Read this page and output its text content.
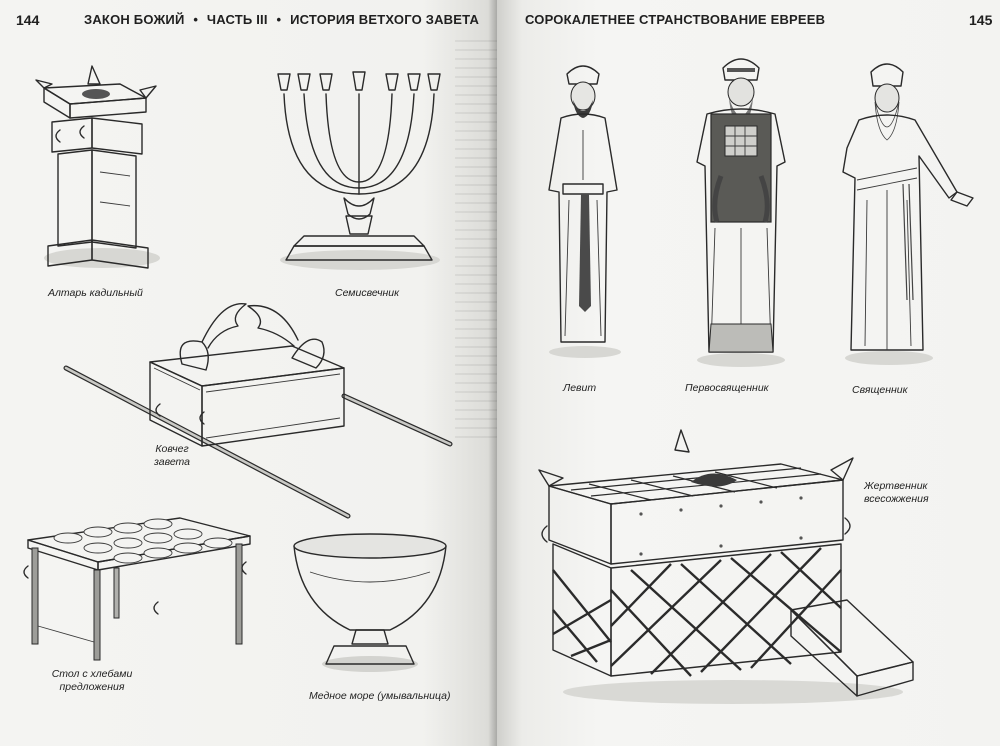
144	ЗАКОН БОЖИЙ • ЧАСТЬ III • ИСТОРИЯ ВЕТХОГО ЗАВЕТА
Алтарь кадильный	Семисвечник
Ковчег
завета
Стол с хлебами
предложения
Медное море (умывальница)
СОРОКАЛЕТНЕЕ СТРАНСТВОВАНИЕ ЕВРЕЕВ	145
Левит	Первосвященник	Священник
Жертвенник
всесожжения
